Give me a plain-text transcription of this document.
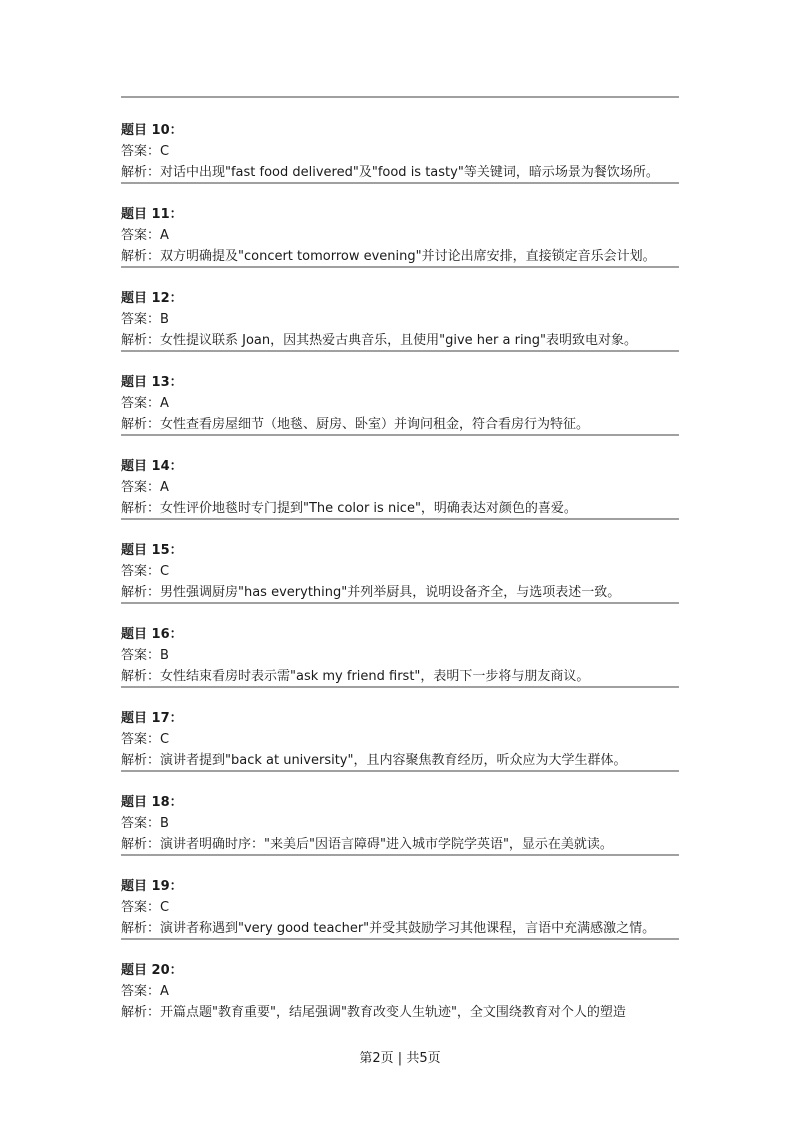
题目 10：
答案：C
解析：对话中出现"fast food delivered"及"food is tasty"等关键词，暗示场景为餐饮场所。
题目 11：
答案：A
解析：双方明确提及"concert tomorrow evening"并讨论出席安排，直接锁定音乐会计划。
题目 12：
答案：B
解析：女性提议联系 Joan，因其热爱古典音乐，且使用"give her a ring"表明致电对象。
题目 13：
答案：A
解析：女性查看房屋细节（地毯、厨房、卧室）并询问租金，符合看房行为特征。
题目 14：
答案：A
解析：女性评价地毯时专门提到"The color is nice"，明确表达对颜色的喜爱。
题目 15：
答案：C
解析：男性强调厨房"has everything"并列举厨具，说明设备齐全，与选项表述一致。
题目 16：
答案：B
解析：女性结束看房时表示需"ask my friend first"，表明下一步将与朋友商议。
题目 17：
答案：C
解析：演讲者提到"back at university"，且内容聚焦教育经历，听众应为大学生群体。
题目 18：
答案：B
解析：演讲者明确时序："来美后"因语言障碍"进入城市学院学英语"，显示在美就读。
题目 19：
答案：C
解析：演讲者称遇到"very good teacher"并受其鼓励学习其他课程，言语中充满感激之情。
题目 20：
答案：A
解析：开篇点题"教育重要"，结尾强调"教育改变人生轨迹"，全文围绕教育对个人的塑造
第2页 | 共5页
